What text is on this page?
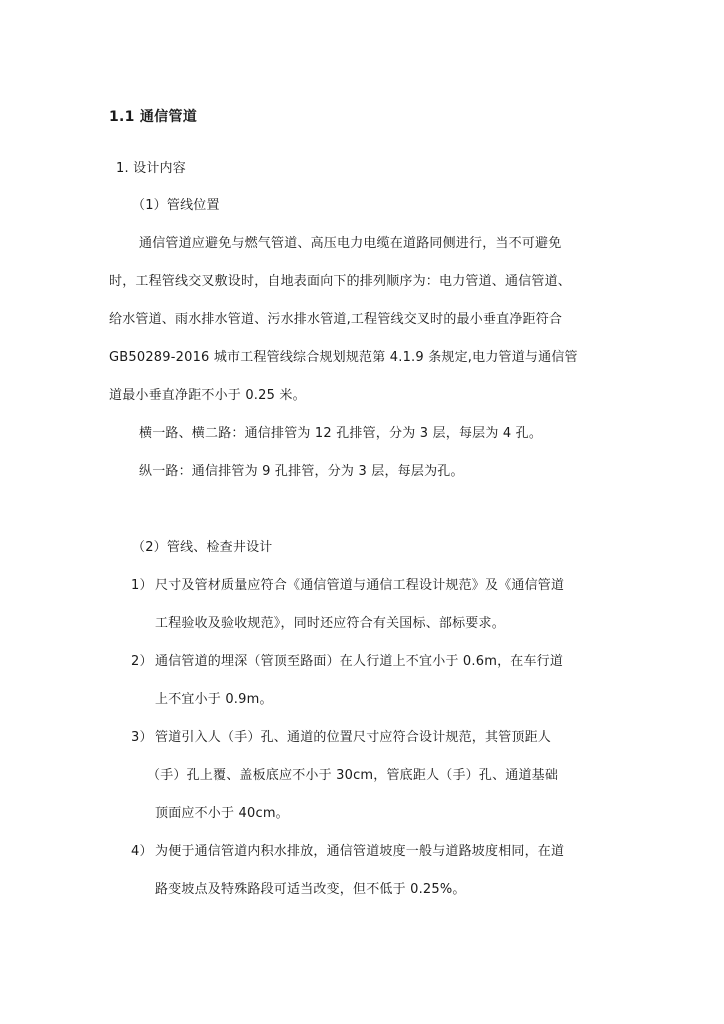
1.1 通信管道
1. 设计内容
（1）管线位置
通信管道应避免与燃气管道、高压电力电缆在道路同侧进行，当不可避免
时，工程管线交叉敷设时，自地表面向下的排列顺序为：电力管道、通信管道、
给水管道、雨水排水管道、污水排水管道,工程管线交叉时的最小垂直净距符合
GB50289-2016 城市工程管线综合规划规范第 4.1.9 条规定,电力管道与通信管
道最小垂直净距不小于 0.25 米。
横一路、横二路：通信排管为 12 孔排管，分为 3 层，每层为 4 孔。
纵一路：通信排管为 9 孔排管，分为 3 层，每层为孔。
（2）管线、检查井设计
1） 尺寸及管材质量应符合《通信管道与通信工程设计规范》及《通信管道
工程验收及验收规范》，同时还应符合有关国标、部标要求。
2） 通信管道的埋深（管顶至路面）在人行道上不宜小于 0.6m，在车行道
上不宜小于 0.9m。
3） 管道引入人（手）孔、通道的位置尺寸应符合设计规范，其管顶距人
（手）孔上覆、盖板底应不小于 30cm，管底距人（手）孔、通道基础
顶面应不小于 40cm。
4） 为便于通信管道内积水排放，通信管道坡度一般与道路坡度相同，在道
路变坡点及特殊路段可适当改变，但不低于 0.25%。
